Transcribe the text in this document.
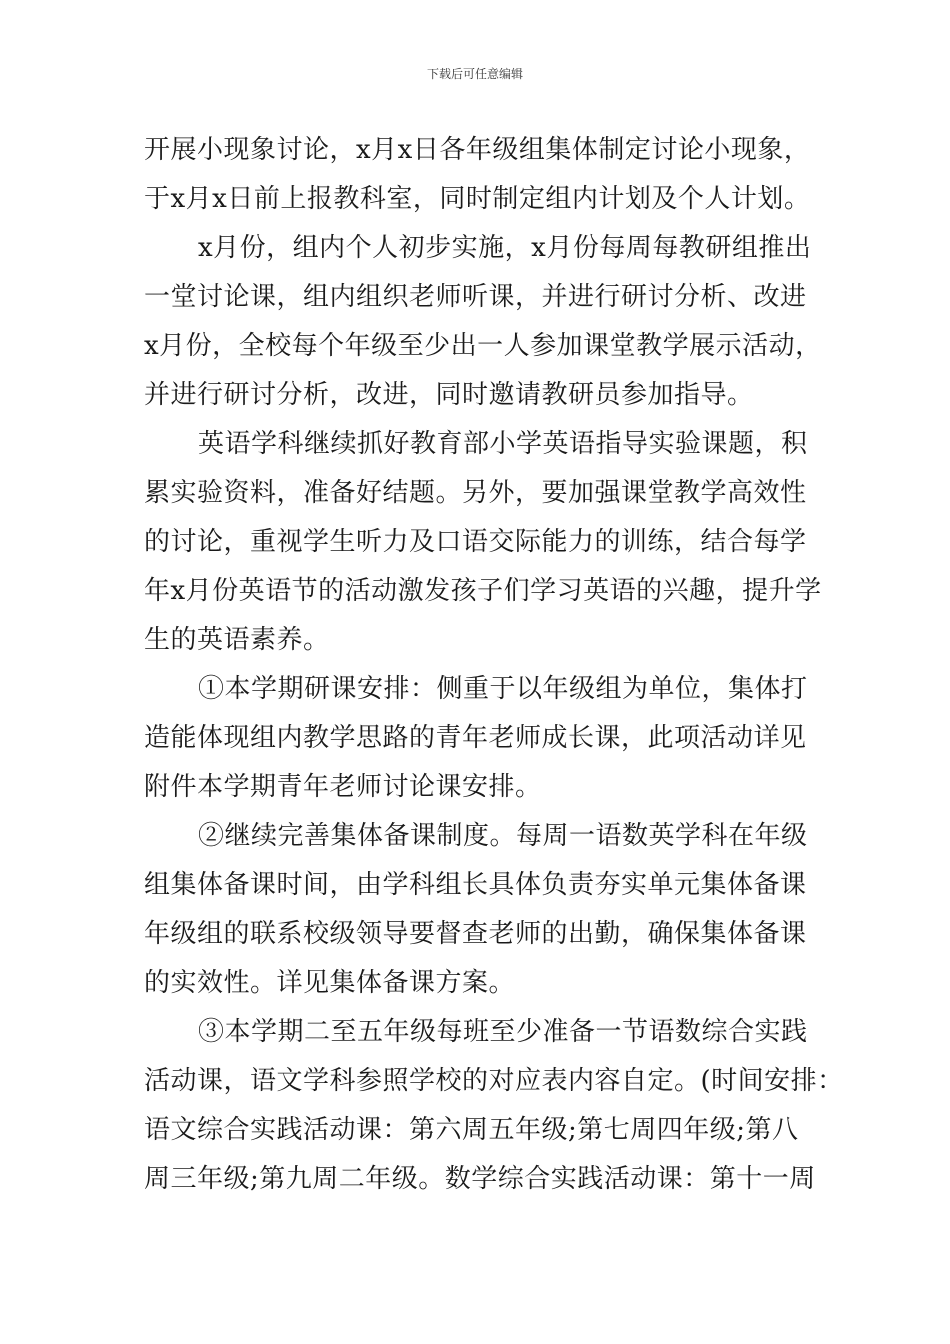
下载后可任意编辑
开展小现象讨论，x月x日各年级组集体制定讨论小现象，
于x月x日前上报教科室，同时制定组内计划及个人计划。
x月份，组内个人初步实施，x月份每周每教研组推出
一堂讨论课，组内组织老师听课，并进行研讨分析、改进
x月份，全校每个年级至少出一人参加课堂教学展示活动，
并进行研讨分析，改进，同时邀请教研员参加指导。
英语学科继续抓好教育部小学英语指导实验课题，积
累实验资料，准备好结题。另外，要加强课堂教学高效性
的讨论，重视学生听力及口语交际能力的训练，结合每学
年x月份英语节的活动激发孩子们学习英语的兴趣，提升学
生的英语素养。
①本学期研课安排：侧重于以年级组为单位，集体打
造能体现组内教学思路的青年老师成长课，此项活动详见
附件本学期青年老师讨论课安排。
②继续完善集体备课制度。每周一语数英学科在年级
组集体备课时间，由学科组长具体负责夯实单元集体备课
年级组的联系校级领导要督查老师的出勤，确保集体备课
的实效性。详见集体备课方案。
③本学期二至五年级每班至少准备一节语数综合实践
活动课，语文学科参照学校的对应表内容自定。(时间安排：
语文综合实践活动课：第六周五年级;第七周四年级;第八
周三年级;第九周二年级。数学综合实践活动课：第十一周
